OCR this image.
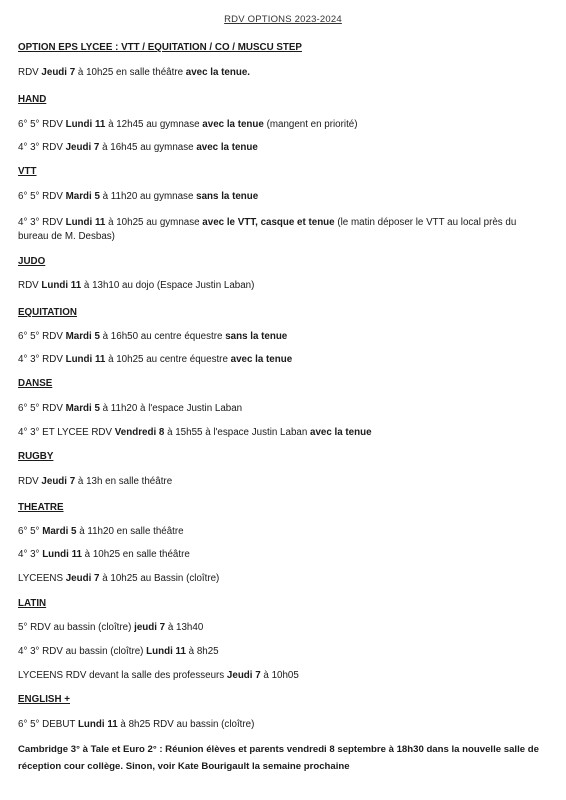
RDV OPTIONS 2023-2024
OPTION EPS LYCEE : VTT / EQUITATION / CO / MUSCU STEP
RDV Jeudi 7 à 10h25 en salle théâtre avec la tenue.
HAND
6° 5° RDV Lundi 11 à 12h45 au gymnase avec la tenue (mangent en priorité)
4° 3° RDV Jeudi 7 à 16h45 au gymnase avec la tenue
VTT
6° 5° RDV Mardi 5 à 11h20 au gymnase sans la tenue
4° 3° RDV Lundi 11 à 10h25 au gymnase avec le VTT, casque et tenue (le matin déposer le VTT au local près du bureau de M. Desbas)
JUDO
RDV Lundi 11 à 13h10 au dojo (Espace Justin Laban)
EQUITATION
6° 5° RDV Mardi 5 à 16h50 au centre équestre sans la tenue
4° 3° RDV Lundi 11 à 10h25 au centre équestre avec la tenue
DANSE
6° 5° RDV Mardi 5 à 11h20 à l'espace Justin Laban
4° 3° ET LYCEE RDV Vendredi 8 à 15h55 à l'espace Justin Laban avec la tenue
RUGBY
RDV Jeudi 7 à 13h en salle théâtre
THEATRE
6° 5° Mardi 5 à 11h20 en salle théâtre
4° 3° Lundi 11 à 10h25 en salle théâtre
LYCEENS Jeudi 7 à 10h25 au Bassin (cloître)
LATIN
5° RDV au bassin (cloître) jeudi 7 à 13h40
4° 3° RDV au bassin (cloître) Lundi 11 à 8h25
LYCEENS RDV devant la salle des professeurs Jeudi 7 à 10h05
ENGLISH +
6° 5° DEBUT Lundi 11 à 8h25 RDV au bassin (cloître)
Cambridge 3° à Tale et Euro 2° : Réunion élèves et parents vendredi 8 septembre à 18h30 dans la nouvelle salle de réception cour collège. Sinon, voir Kate Bourigault la semaine prochaine
